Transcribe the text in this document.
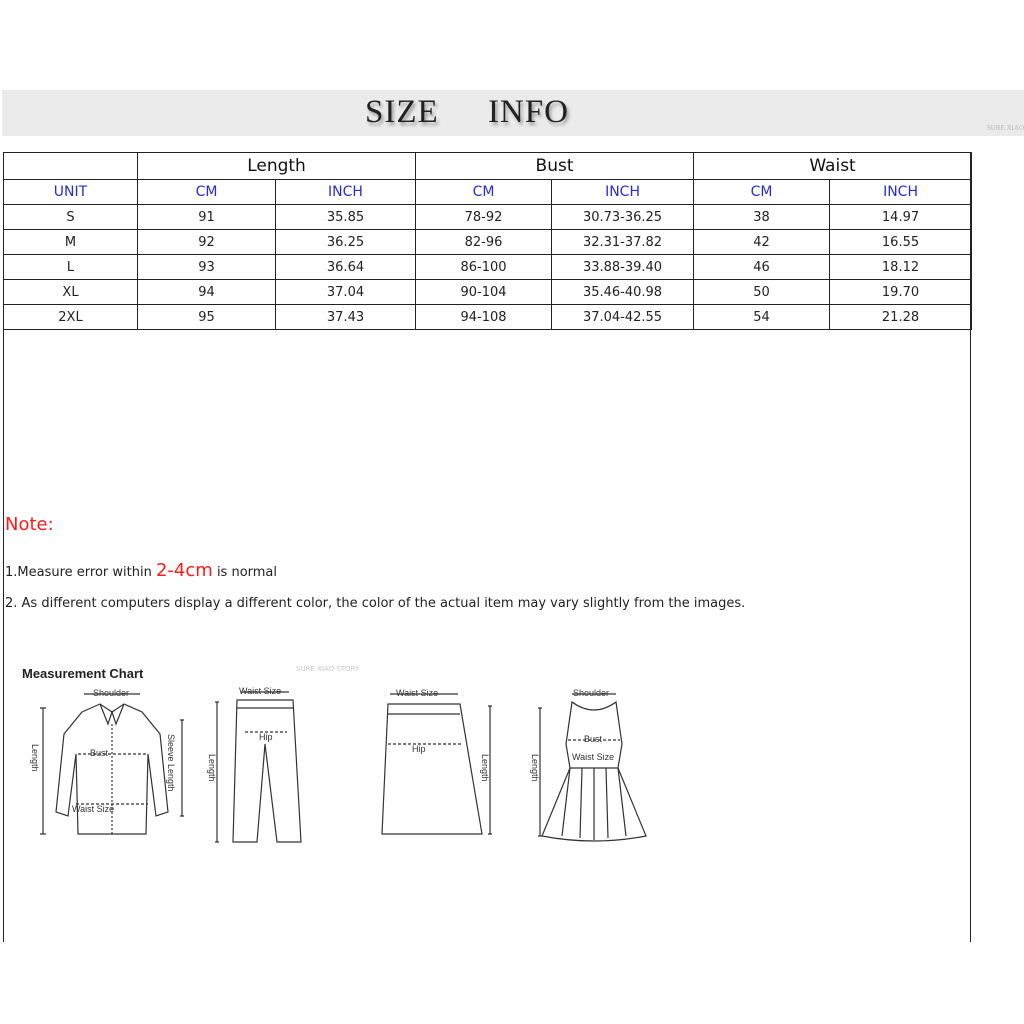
SIZE INFO	SURE XIAO
	Length		Bust		Waist	
UNIT	CM	INCH	CM	INCH	CM	INCH
S	91	35.85	78-92	30.73-36.25	38	14.97
M	92	36.25	82-96	32.31-37.82	42	16.55
L	93	36.64	86-100	33.88-39.40	46	18.12
XL	94	37.04	90-104	35.46-40.98	50	19.70
2XL	95	37.43	94-108	37.04-42.55	54	21.28
Note:
1.Measure error within 2-4cm is normal
2. As different computers display a different color, the color of the actual item may vary slightly from the images.
Measurement Chart	SURE XIAO STORY
Shoulder
Bust
Waist Size
Sleeve Length
Length
Waist Size
Hip
Length
Waist Size
Hip
Length
Shoulder
Bust
Waist Size
Length
